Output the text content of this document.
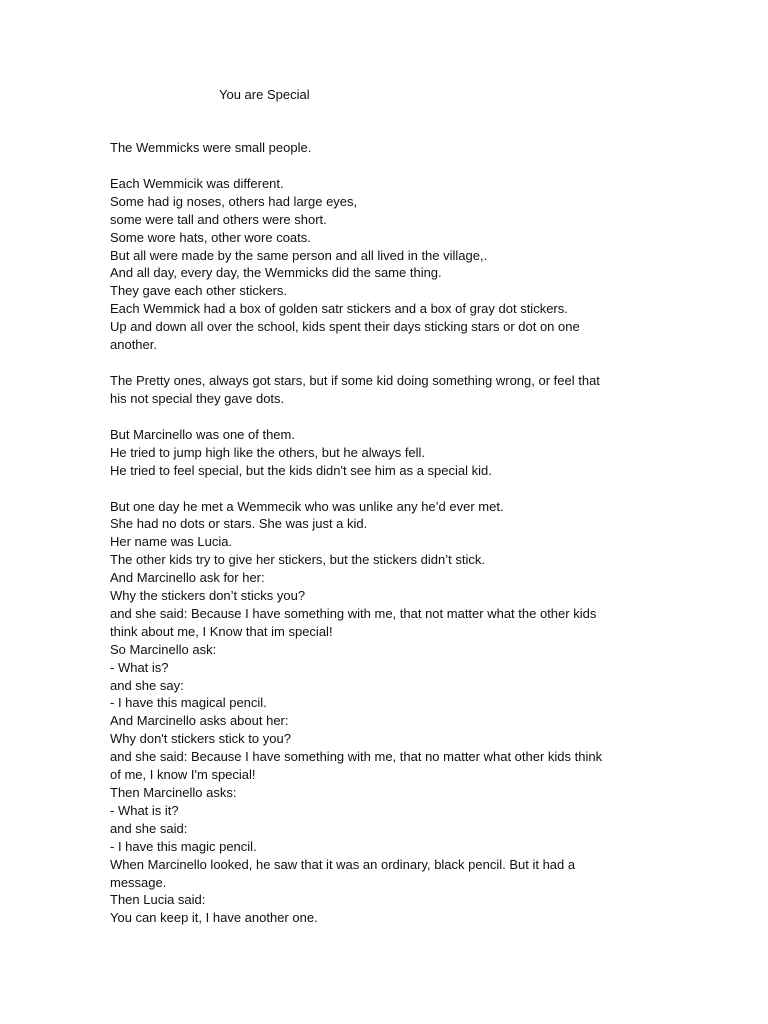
You are Special
The Wemmicks were small people.
Each Wemmicik was different.
Some had ig noses, others had large eyes,
some were tall and others were short.
Some wore hats, other wore coats.
But all were made by the same person and all lived in the village,.
And all day, every day, the Wemmicks did the same thing.
They gave each other stickers.
Each Wemmick had a box of golden satr stickers and a box of gray dot stickers.
Up and down all over the school, kids spent their days sticking stars or dot on one
another.
The Pretty ones, always got stars, but if some kid doing something wrong, or feel that
his not special they gave dots.
But Marcinello was one of them.
He tried to jump high like the others, but he always fell.
He tried to feel special, but the kids didn't see him as a special kid.
But one day he met a Wemmecik who was unlike any he’d ever met.
She had no dots or stars. She was just a kid.
Her name was Lucia.
The other kids try to give her stickers, but the stickers didn’t stick.
And Marcinello ask for her:
Why the stickers don’t sticks you?
and she said: Because I have something with me, that not matter what the other kids
think about me, I Know that im special!
So Marcinello ask:
- What is?
and she say:
- I have this magical pencil.
And Marcinello asks about her:
Why don't stickers stick to you?
and she said: Because I have something with me, that no matter what other kids think
of me, I know I'm special!
Then Marcinello asks:
- What is it?
and she said:
- I have this magic pencil.
When Marcinello looked, he saw that it was an ordinary, black pencil. But it had a
message.
Then Lucia said:
You can keep it, I have another one.
